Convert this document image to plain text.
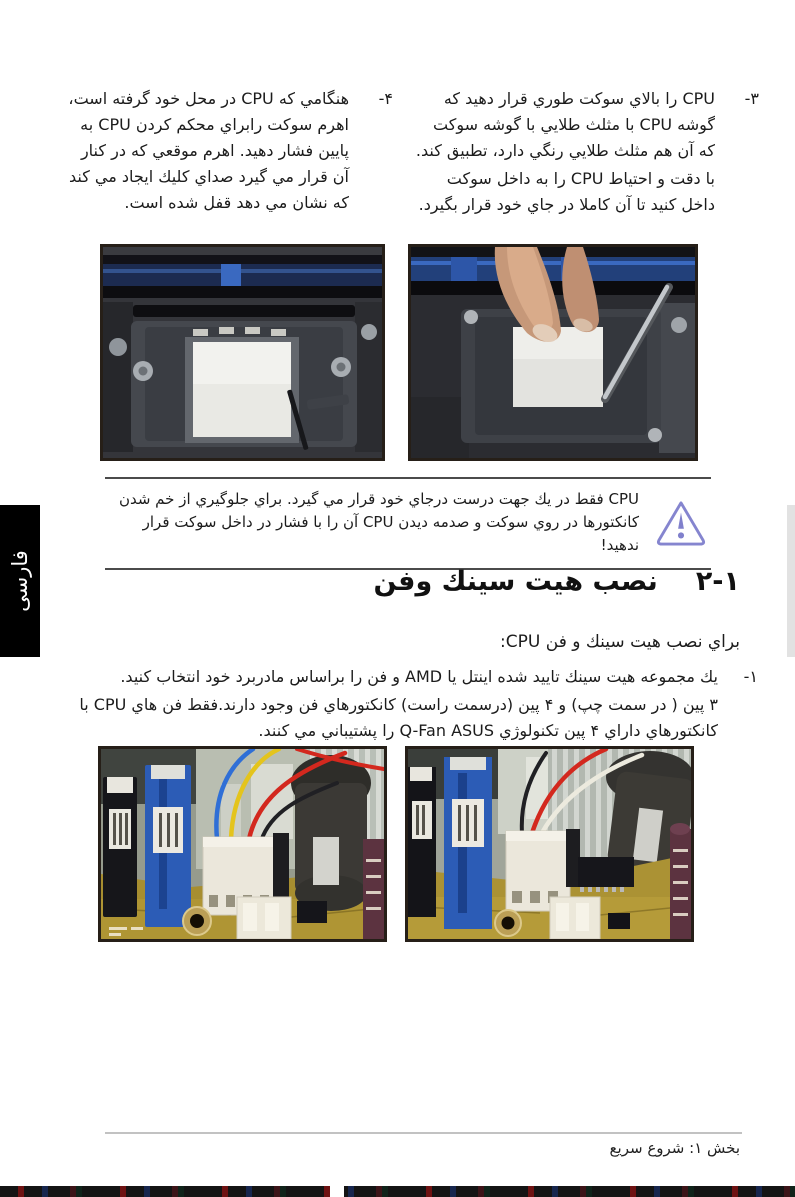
٣-

CPU را بالاي سوكت طوري قرار دهيد كه گوشه CPU با مثلث طلايي با گوشه سوكت كه آن هم مثلث طلايي رنگي دارد، تطبيق كند.

با دقت و احتياط CPU را به داخل سوكت داخل كنيد تا آن كاملا در جاي خود قرار بگيرد.

۴-

هنگامي كه CPU در محل خود گرفته است، اهرم سوكت رابراي محكم كردن CPU به پايين فشار دهيد. اهرم موقعي كه در كنار آن قرار مي گيرد صداي كليك ايجاد مي كند كه نشان مي دهد قفل شده است.

CPU فقط در يك جهت درست درجاي خود قرار مي گيرد. براي جلوگيري از خم شدن كانكتورها در روي سوكت و صدمه ديدن CPU آن را با فشار در داخل سوكت قرار ندهيد!
١-٢
نصب هيت سينك وفن
براي نصب هيت سينك و فن CPU:
١-

يك مجموعه هيت سينك تاييد شده اينتل يا AMD و فن را براساس مادربرد خود انتخاب كنيد.

٣ پين ( در سمت چپ) و ۴ پين (درسمت راست) كانكتورهاي فن وجود دارند.فقط فن هاي CPU با كانكتورهاي داراي ۴ پين تكنولوژي Q-Fan ASUS را پشتيباني مي كنند.

فارسی
بخش ١: شروع سريع
